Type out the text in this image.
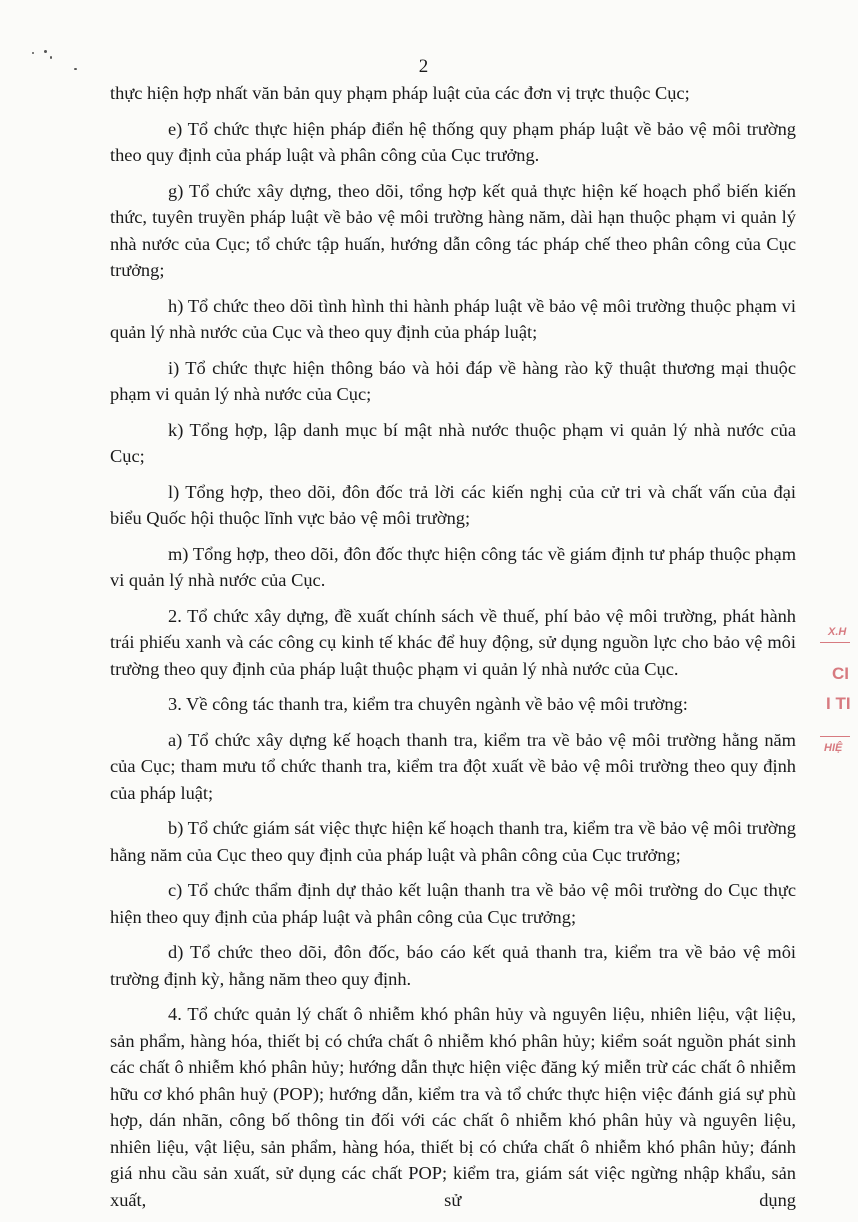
2

thực hiện hợp nhất văn bản quy phạm pháp luật của các đơn vị trực thuộc Cục;

e) Tổ chức thực hiện pháp điển hệ thống quy phạm pháp luật về bảo vệ môi trường theo quy định của pháp luật và phân công của Cục trưởng.

g) Tổ chức xây dựng, theo dõi, tổng hợp kết quả thực hiện kế hoạch phổ biến kiến thức, tuyên truyền pháp luật về bảo vệ môi trường hàng năm, dài hạn thuộc phạm vi quản lý nhà nước của Cục; tổ chức tập huấn, hướng dẫn công tác pháp chế theo phân công của Cục trưởng;

h) Tổ chức theo dõi tình hình thi hành pháp luật về bảo vệ môi trường thuộc phạm vi quản lý nhà nước của Cục và theo quy định của pháp luật;

i) Tổ chức thực hiện thông báo và hỏi đáp về hàng rào kỹ thuật thương mại thuộc phạm vi quản lý nhà nước của Cục;

k) Tổng hợp, lập danh mục bí mật nhà nước thuộc phạm vi quản lý nhà nước của Cục;

l) Tổng hợp, theo dõi, đôn đốc trả lời các kiến nghị của cử tri và chất vấn của đại biểu Quốc hội thuộc lĩnh vực bảo vệ môi trường;

m) Tổng hợp, theo dõi, đôn đốc thực hiện công tác về giám định tư pháp thuộc phạm vi quản lý nhà nước của Cục.

2. Tổ chức xây dựng, đề xuất chính sách về thuế, phí bảo vệ môi trường, phát hành trái phiếu xanh và các công cụ kinh tế khác để huy động, sử dụng nguồn lực cho bảo vệ môi trường theo quy định của pháp luật thuộc phạm vi quản lý nhà nước của Cục.

3. Về công tác thanh tra, kiểm tra chuyên ngành về bảo vệ môi trường:

a) Tổ chức xây dựng kế hoạch thanh tra, kiểm tra về bảo vệ môi trường hằng năm của Cục; tham mưu tổ chức thanh tra, kiểm tra đột xuất về bảo vệ môi trường theo quy định của pháp luật;

b) Tổ chức giám sát việc thực hiện kế hoạch thanh tra, kiểm tra về bảo vệ môi trường hằng năm của Cục theo quy định của pháp luật và phân công của Cục trưởng;

c) Tổ chức thẩm định dự thảo kết luận thanh tra về bảo vệ môi trường do Cục thực hiện theo quy định của pháp luật và phân công của Cục trưởng;

d) Tổ chức theo dõi, đôn đốc, báo cáo kết quả thanh tra, kiểm tra về bảo vệ môi trường định kỳ, hằng năm theo quy định.

4. Tổ chức quản lý chất ô nhiễm khó phân hủy và nguyên liệu, nhiên liệu, vật liệu, sản phẩm, hàng hóa, thiết bị có chứa chất ô nhiễm khó phân hủy; kiểm soát nguồn phát sinh các chất ô nhiễm khó phân hủy; hướng dẫn thực hiện việc đăng ký miễn trừ các chất ô nhiễm hữu cơ khó phân huỷ (POP); hướng dẫn, kiểm tra và tổ chức thực hiện việc đánh giá sự phù hợp, dán nhãn, công bố thông tin đối với các chất ô nhiễm khó phân hủy và nguyên liệu, nhiên liệu, vật liệu, sản phẩm, hàng hóa, thiết bị có chứa chất ô nhiễm khó phân hủy; đánh giá nhu cầu sản xuất, sử dụng các chất POP; kiểm tra, giám sát việc ngừng nhập khẩu, sản xuất, sử dụng

X.H
CI
I TI
HIỆ
